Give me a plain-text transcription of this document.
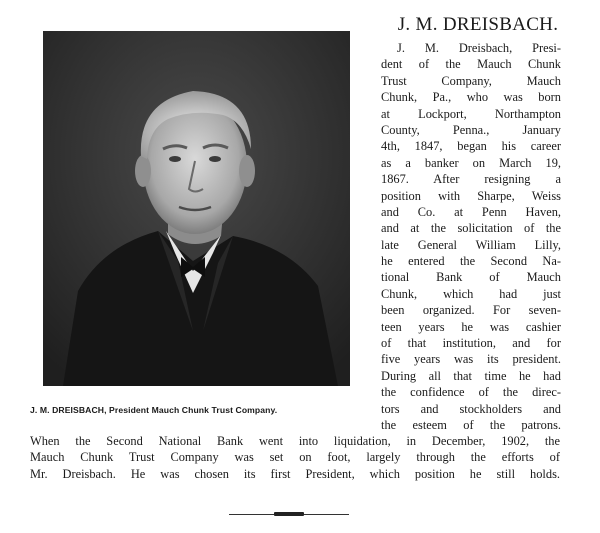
J. M. DREISBACH, President Mauch Chunk Trust Company.
J. M. DREISBACH.
J. M. Dreisbach, Presi-
dent of the Mauch Chunk
Trust Company, Mauch
Chunk, Pa., who was born
at Lockport, Northampton
County, Penna., January
4th, 1847, began his career
as a banker on March 19,
1867. After resigning a
position with Sharpe, Weiss
and Co. at Penn Haven,
and at the solicitation of the
late General William Lilly,
he entered the Second Na-
tional Bank of Mauch
Chunk, which had just
been organized. For seven-
teen years he was cashier
of that institution, and for
five years was its president.
During all that time he had
the confidence of the direc-
tors and stockholders and
the esteem of the patrons.
When the Second National Bank went into liquidation, in December, 1902, the
Mauch Chunk Trust Company was set on foot, largely through the efforts of
Mr. Dreisbach. He was chosen its first President, which position he still holds.
